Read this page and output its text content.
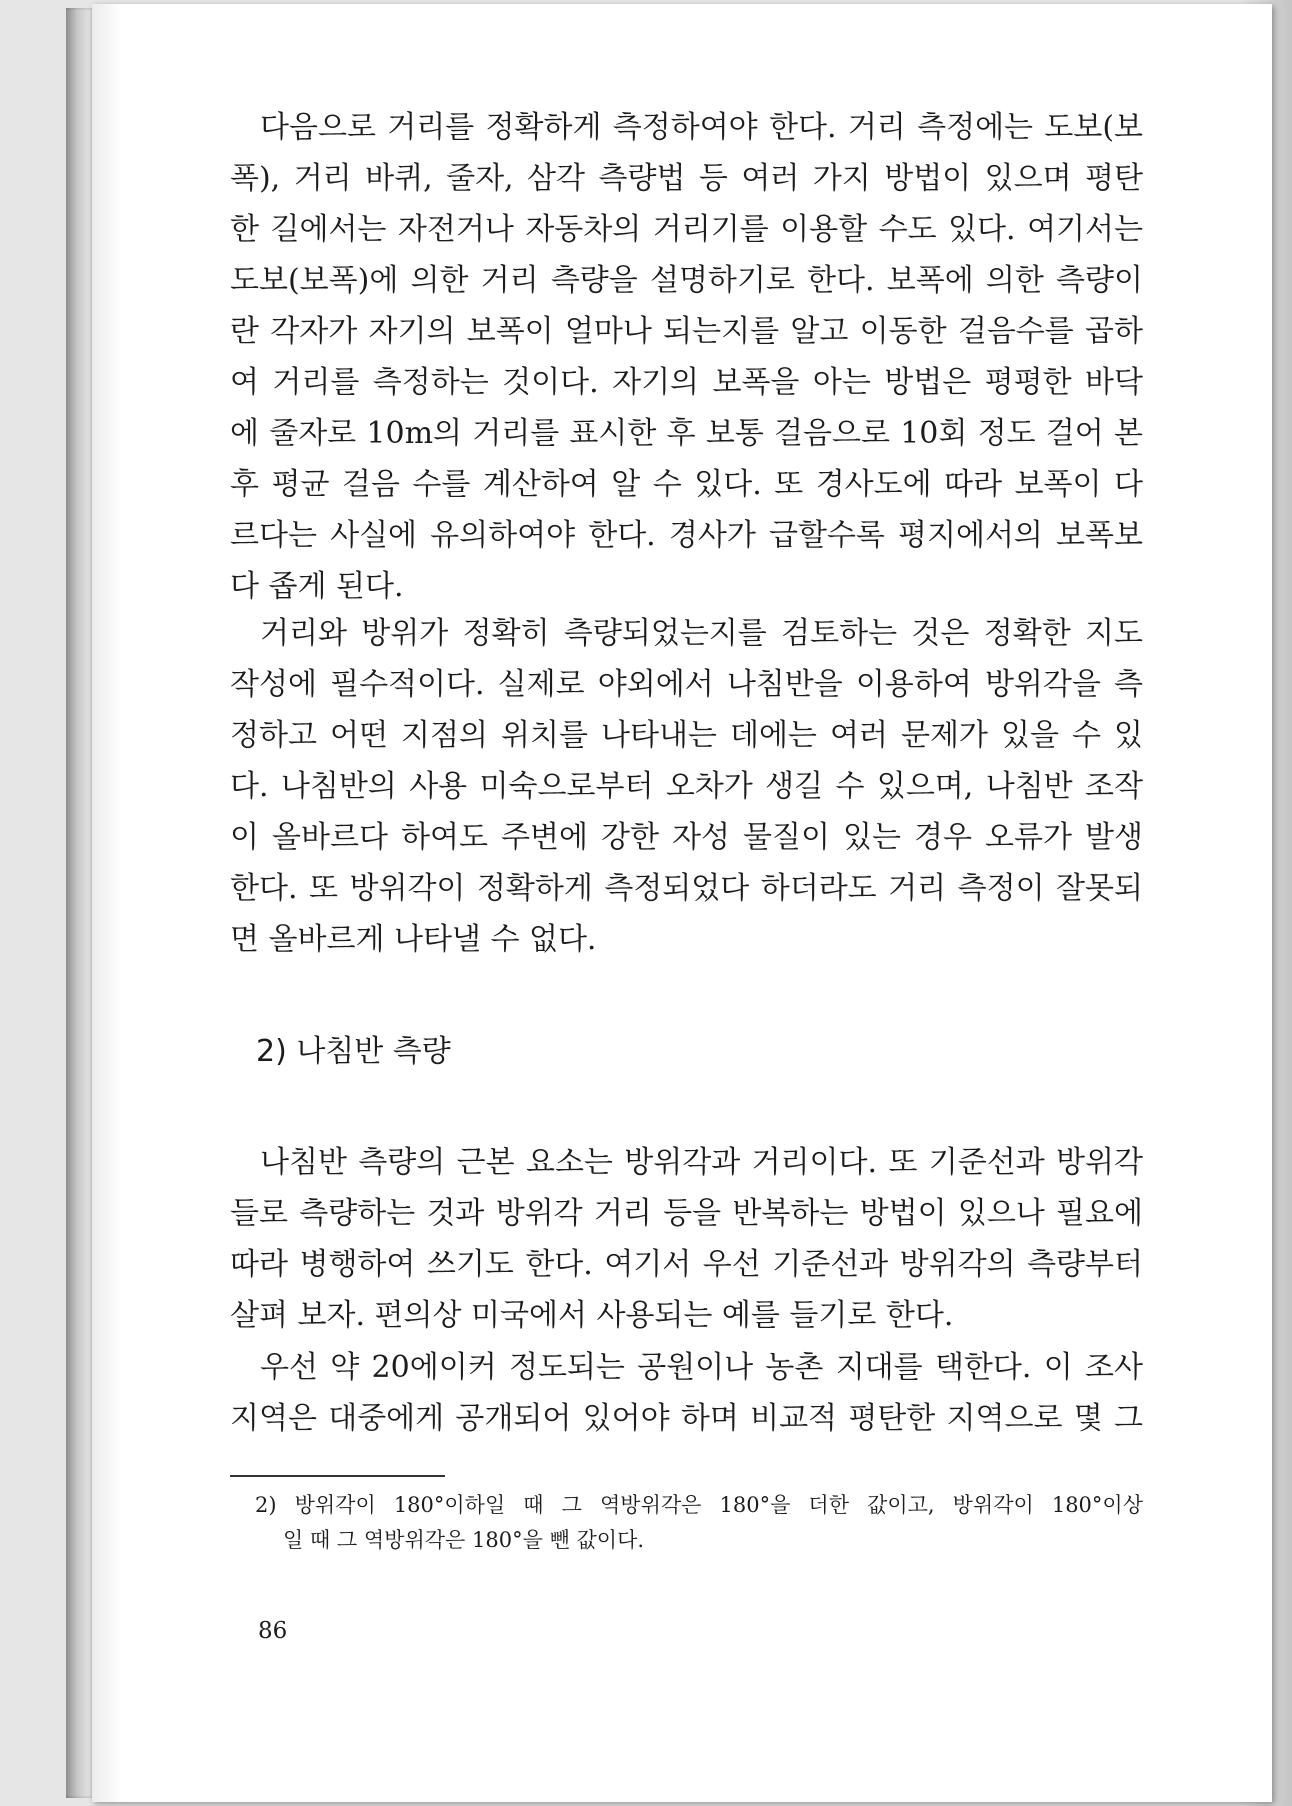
다음으로 거리를 정확하게 측정하여야 한다. 거리 측정에는 도보(보
폭), 거리 바퀴, 줄자, 삼각 측량법 등 여러 가지 방법이 있으며 평탄
한 길에서는 자전거나 자동차의 거리기를 이용할 수도 있다. 여기서는
도보(보폭)에 의한 거리 측량을 설명하기로 한다. 보폭에 의한 측량이
란 각자가 자기의 보폭이 얼마나 되는지를 알고 이동한 걸음수를 곱하
여 거리를 측정하는 것이다. 자기의 보폭을 아는 방법은 평평한 바닥
에 줄자로 10m의 거리를 표시한 후 보통 걸음으로 10회 정도 걸어 본
후 평균 걸음 수를 계산하여 알 수 있다. 또 경사도에 따라 보폭이 다
르다는 사실에 유의하여야 한다. 경사가 급할수록 평지에서의 보폭보
다 좁게 된다.
거리와 방위가 정확히 측량되었는지를 검토하는 것은 정확한 지도
작성에 필수적이다. 실제로 야외에서 나침반을 이용하여 방위각을 측
정하고 어떤 지점의 위치를 나타내는 데에는 여러 문제가 있을 수 있
다. 나침반의 사용 미숙으로부터 오차가 생길 수 있으며, 나침반 조작
이 올바르다 하여도 주변에 강한 자성 물질이 있는 경우 오류가 발생
한다. 또 방위각이 정확하게 측정되었다 하더라도 거리 측정이 잘못되
면 올바르게 나타낼 수 없다.
2) 나침반 측량
나침반 측량의 근본 요소는 방위각과 거리이다. 또 기준선과 방위각
들로 측량하는 것과 방위각 거리 등을 반복하는 방법이 있으나 필요에
따라 병행하여 쓰기도 한다. 여기서 우선 기준선과 방위각의 측량부터
살펴 보자. 편의상 미국에서 사용되는 예를 들기로 한다.
우선 약 20에이커 정도되는 공원이나 농촌 지대를 택한다. 이 조사
지역은 대중에게 공개되어 있어야 하며 비교적 평탄한 지역으로 몇 그
2) 방위각이 180°이하일 때 그 역방위각은 180°을 더한 값이고, 방위각이 180°이상
일 때 그 역방위각은 180°을 뺀 값이다.
86
